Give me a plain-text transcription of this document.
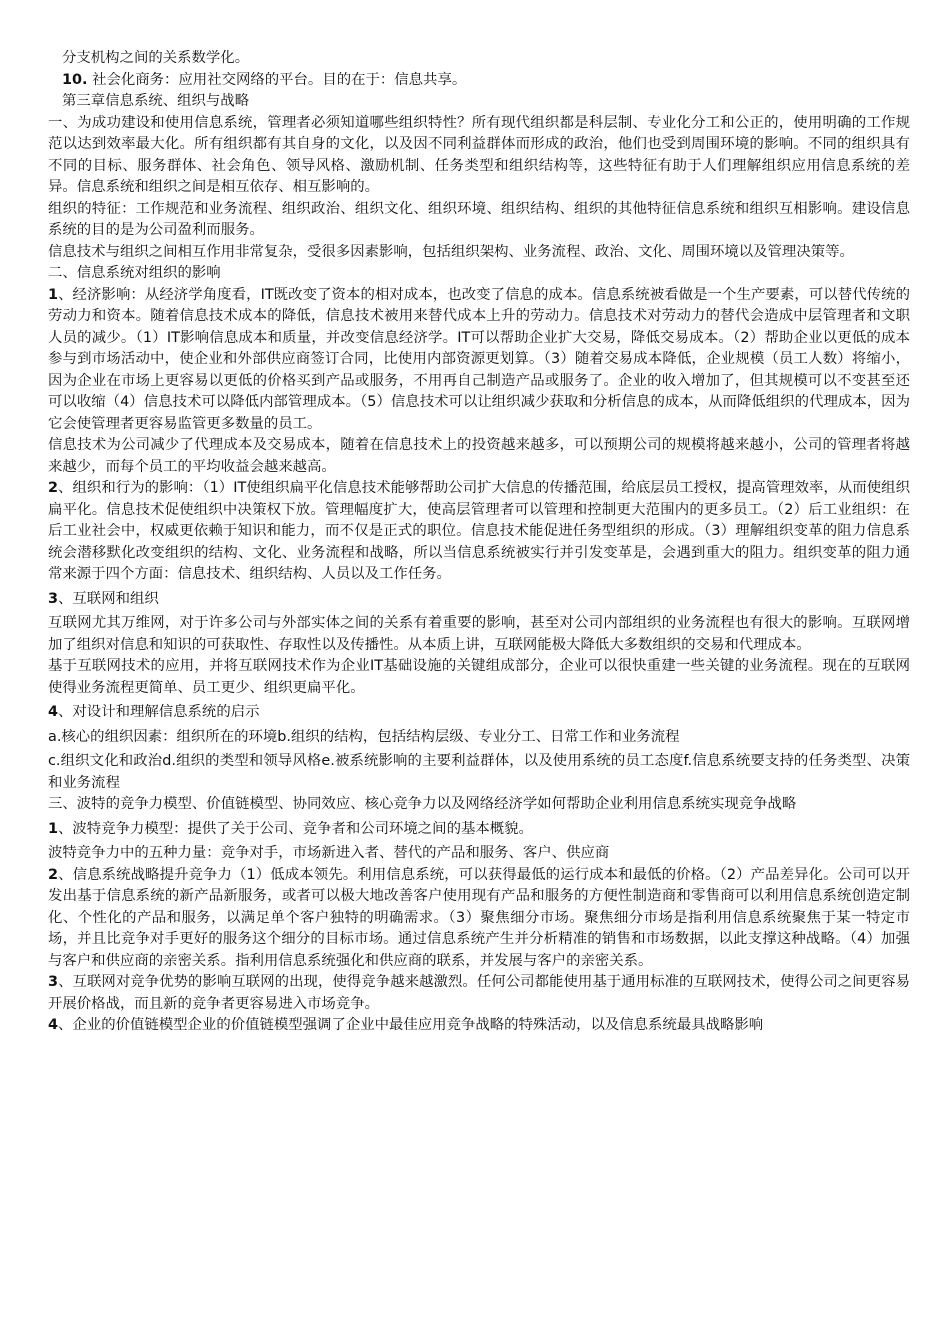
分支机构之间的关系数学化。

10. 社会化商务：应用社交网络的平台。目的在于：信息共享。

第三章信息系统、组织与战略

一、为成功建设和使用信息系统，管理者必须知道哪些组织特性？所有现代组织都是科层制、专业化分工和公正的，使用明确的工作规范以达到效率最大化。所有组织都有其自身的文化，以及因不同利益群体而形成的政治，他们也受到周围环境的影响。不同的组织具有不同的目标、服务群体、社会角色、领导风格、激励机制、任务类型和组织结构等，这些特征有助于人们理解组织应用信息系统的差异。信息系统和组织之间是相互依存、相互影响的。

组织的特征：工作规范和业务流程、组织政治、组织文化、组织环境、组织结构、组织的其他特征信息系统和组织互相影响。建设信息系统的目的是为公司盈利而服务。

信息技术与组织之间相互作用非常复杂，受很多因素影响，包括组织架构、业务流程、政治、文化、周围环境以及管理决策等。

二、信息系统对组织的影响

1、经济影响：从经济学角度看，IT既改变了资本的相对成本，也改变了信息的成本。信息系统被看做是一个生产要素，可以替代传统的劳动力和资本。随着信息技术成本的降低，信息技术被用来替代成本上升的劳动力。信息技术对劳动力的替代会造成中层管理者和文职人员的减少。（1）IT影响信息成本和质量，并改变信息经济学。IT可以帮助企业扩大交易，降低交易成本。（2）帮助企业以更低的成本参与到市场活动中，使企业和外部供应商签订合同，比使用内部资源更划算。（3）随着交易成本降低，企业规模（员工人数）将缩小，因为企业在市场上更容易以更低的价格买到产品或服务，不用再自己制造产品或服务了。企业的收入增加了，但其规模可以不变甚至还可以收缩（4）信息技术可以降低内部管理成本。（5）信息技术可以让组织减少获取和分析信息的成本，从而降低组织的代理成本，因为它会使管理者更容易监管更多数量的员工。

信息技术为公司减少了代理成本及交易成本，随着在信息技术上的投资越来越多，可以预期公司的规模将越来越小，公司的管理者将越来越少，而每个员工的平均收益会越来越高。

2、组织和行为的影响：（1）IT使组织扁平化信息技术能够帮助公司扩大信息的传播范围，给底层员工授权，提高管理效率，从而使组织扁平化。信息技术促使组织中决策权下放。管理幅度扩大，使高层管理者可以管理和控制更大范围内的更多员工。（2）后工业组织：在后工业社会中，权威更依赖于知识和能力，而不仅是正式的职位。信息技术能促进任务型组织的形成。（3）理解组织变革的阻力信息系统会潜移默化改变组织的结构、文化、业务流程和战略，所以当信息系统被实行并引发变革是，会遇到重大的阻力。组织变革的阻力通常来源于四个方面：信息技术、组织结构、人员以及工作任务。

3、互联网和组织

互联网尤其万维网，对于许多公司与外部实体之间的关系有着重要的影响，甚至对公司内部组织的业务流程也有很大的影响。互联网增加了组织对信息和知识的可获取性、存取性以及传播性。从本质上讲，互联网能极大降低大多数组织的交易和代理成本。

基于互联网技术的应用，并将互联网技术作为企业IT基础设施的关键组成部分，企业可以很快重建一些关键的业务流程。现在的互联网使得业务流程更简单、员工更少、组织更扁平化。

4、对设计和理解信息系统的启示

a.核心的组织因素：组织所在的环境b.组织的结构，包括结构层级、专业分工、日常工作和业务流程

c.组织文化和政治d.组织的类型和领导风格e.被系统影响的主要利益群体，以及使用系统的员工态度f.信息系统要支持的任务类型、决策和业务流程

三、波特的竞争力模型、价值链模型、协同效应、核心竞争力以及网络经济学如何帮助企业利用信息系统实现竞争战略

1、波特竞争力模型：提供了关于公司、竞争者和公司环境之间的基本概貌。

波特竞争力中的五种力量：竞争对手，市场新进入者、替代的产品和服务、客户、供应商

2、信息系统战略提升竞争力（1）低成本领先。利用信息系统，可以获得最低的运行成本和最低的价格。（2）产品差异化。公司可以开发出基于信息系统的新产品新服务，或者可以极大地改善客户使用现有产品和服务的方便性制造商和零售商可以利用信息系统创造定制化、个性化的产品和服务，以满足单个客户独特的明确需求。（3）聚焦细分市场。聚焦细分市场是指利用信息系统聚焦于某一特定市场，并且比竞争对手更好的服务这个细分的目标市场。通过信息系统产生并分析精准的销售和市场数据，以此支撑这种战略。（4）加强与客户和供应商的亲密关系。指利用信息系统强化和供应商的联系，并发展与客户的亲密关系。

3、互联网对竞争优势的影响互联网的出现，使得竞争越来越激烈。任何公司都能使用基于通用标准的互联网技术，使得公司之间更容易开展价格战，而且新的竞争者更容易进入市场竞争。

4、企业的价值链模型企业的价值链模型强调了企业中最佳应用竞争战略的特殊活动，以及信息系统最具战略影响
